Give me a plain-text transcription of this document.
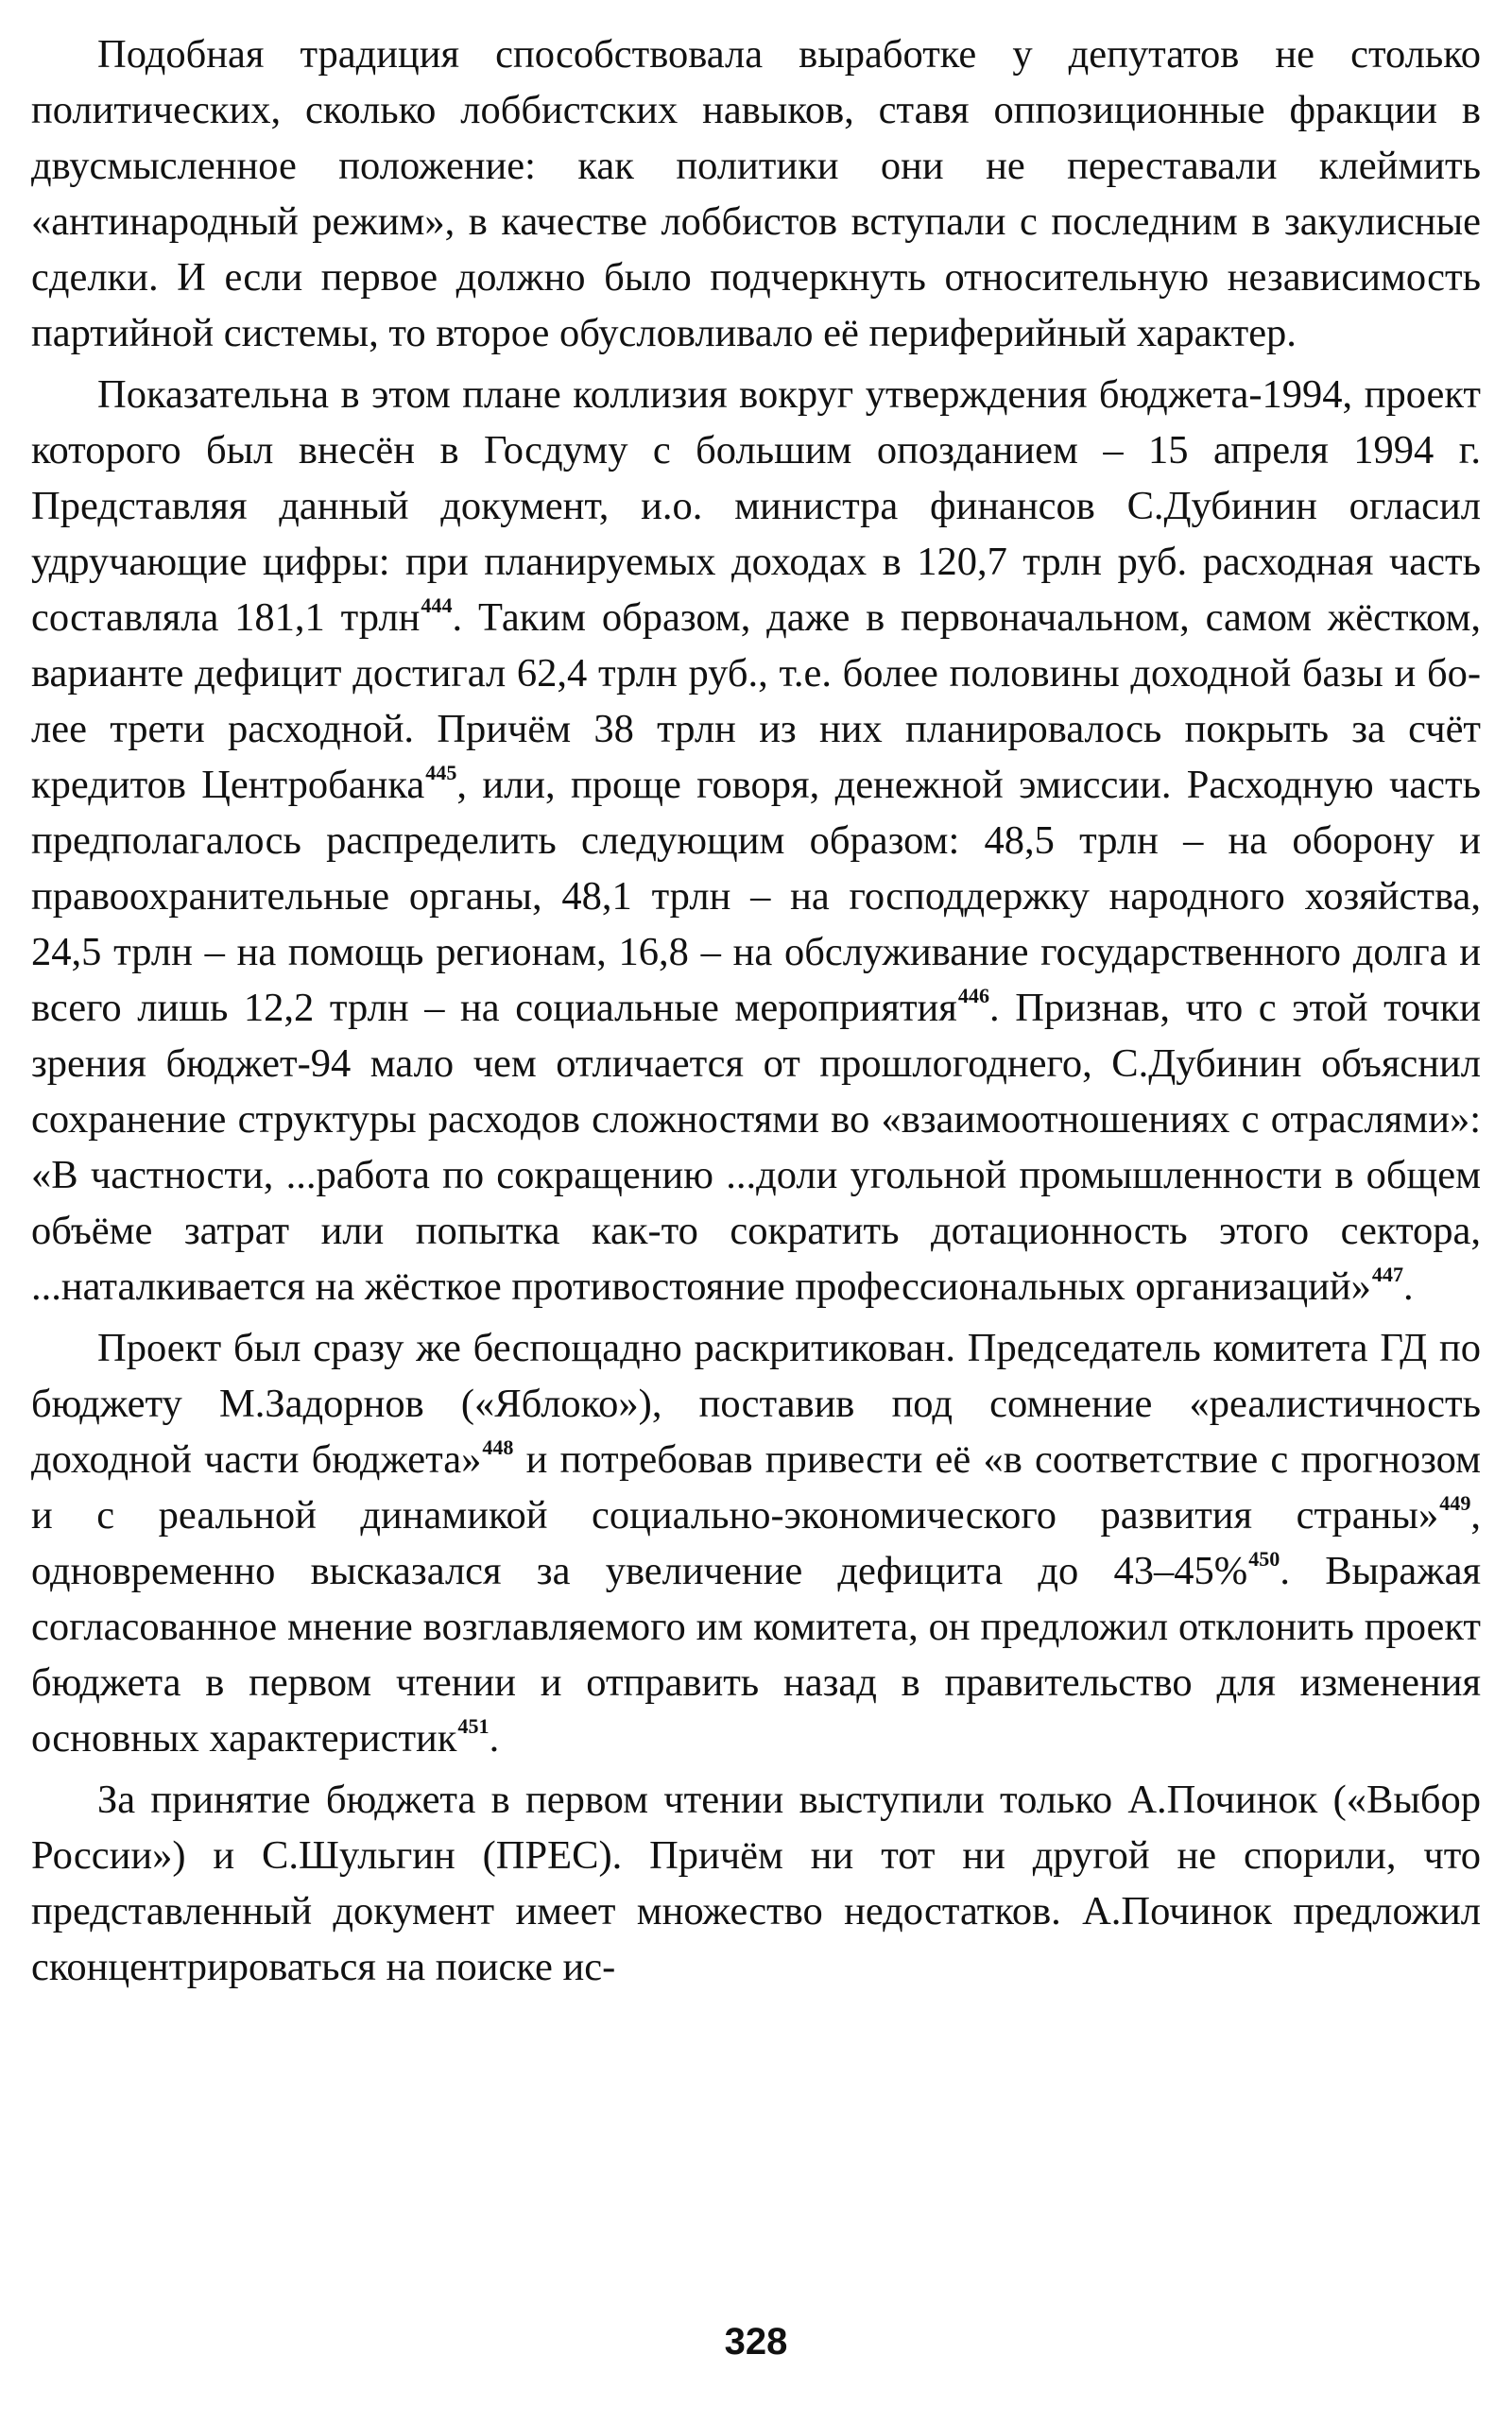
Подобная традиция способствовала выработке у депутатов не столько политических, сколько лоббистских навыков, ставя оппозиционные фракции в двусмысленное положение: как политики они не переставали клеймить «антинародный режим», в качестве лоббистов вступали с последним в закулисные сделки. И если первое должно было подчеркнуть относительную независимость партийной системы, то второе обусловливало её периферийный характер.

Показательна в этом плане коллизия вокруг утверждения бюджета-1994, проект которого был внесён в Госдуму с большим опозданием – 15 апреля 1994 г. Представляя данный документ, и.о. министра финансов С.Дубинин огласил удручающие цифры: при планируемых доходах в 120,7 трлн руб. расходная часть составляла 181,1 трлн$^{444}$. Таким образом, даже в первоначальном, самом жёстком, варианте дефицит достигал 62,4 трлн руб., т.е. более половины доходной базы и более трети расходной. Причём 38 трлн из них планировалось покрыть за счёт кредитов Центробанка$^{445}$, или, проще говоря, денежной эмиссии. Расходную часть предполагалось распределить следующим образом: 48,5 трлн – на оборону и правоохранительные органы, 48,1 трлн – на господдержку народного хозяйства, 24,5 трлн – на помощь регионам, 16,8 – на обслуживание государственного долга и всего лишь 12,2 трлн – на социальные мероприятия$^{446}$. Признав, что с этой точки зрения бюджет-94 мало чем отличается от прошлогоднего, С.Дубинин объяснил сохранение структуры расходов сложностями во «взаимоотношениях с отраслями»: «В частности, ...работа по сокращению ...доли угольной промышленности в общем объёме затрат или попытка как-то сократить дотационность этого сектора, ...наталкивается на жёсткое противостояние профессиональных организаций»$^{447}$.

Проект был сразу же беспощадно раскритикован. Председатель комитета ГД по бюджету М.Задорнов («Яблоко»), поставив под сомнение «реалистичность доходной части бюджета»$^{448}$ и потребовав привести её «в соответствие с прогнозом и с реальной динамикой социально-экономического развития страны»$^{449}$, одновременно высказался за увеличение дефицита до 43–45%$^{450}$. Выражая согласованное мнение возглавляемого им комитета, он предложил отклонить проект бюджета в первом чтении и отправить назад в правительство для изменения основных характеристик$^{451}$.

За принятие бюджета в первом чтении выступили только А.Починок («Выбор России») и С.Шульгин (ПРЕС). Причём ни тот ни другой не спорили, что представленный документ имеет множество недостатков. А.Починок предложил сконцентрироваться на поиске ис-

328
